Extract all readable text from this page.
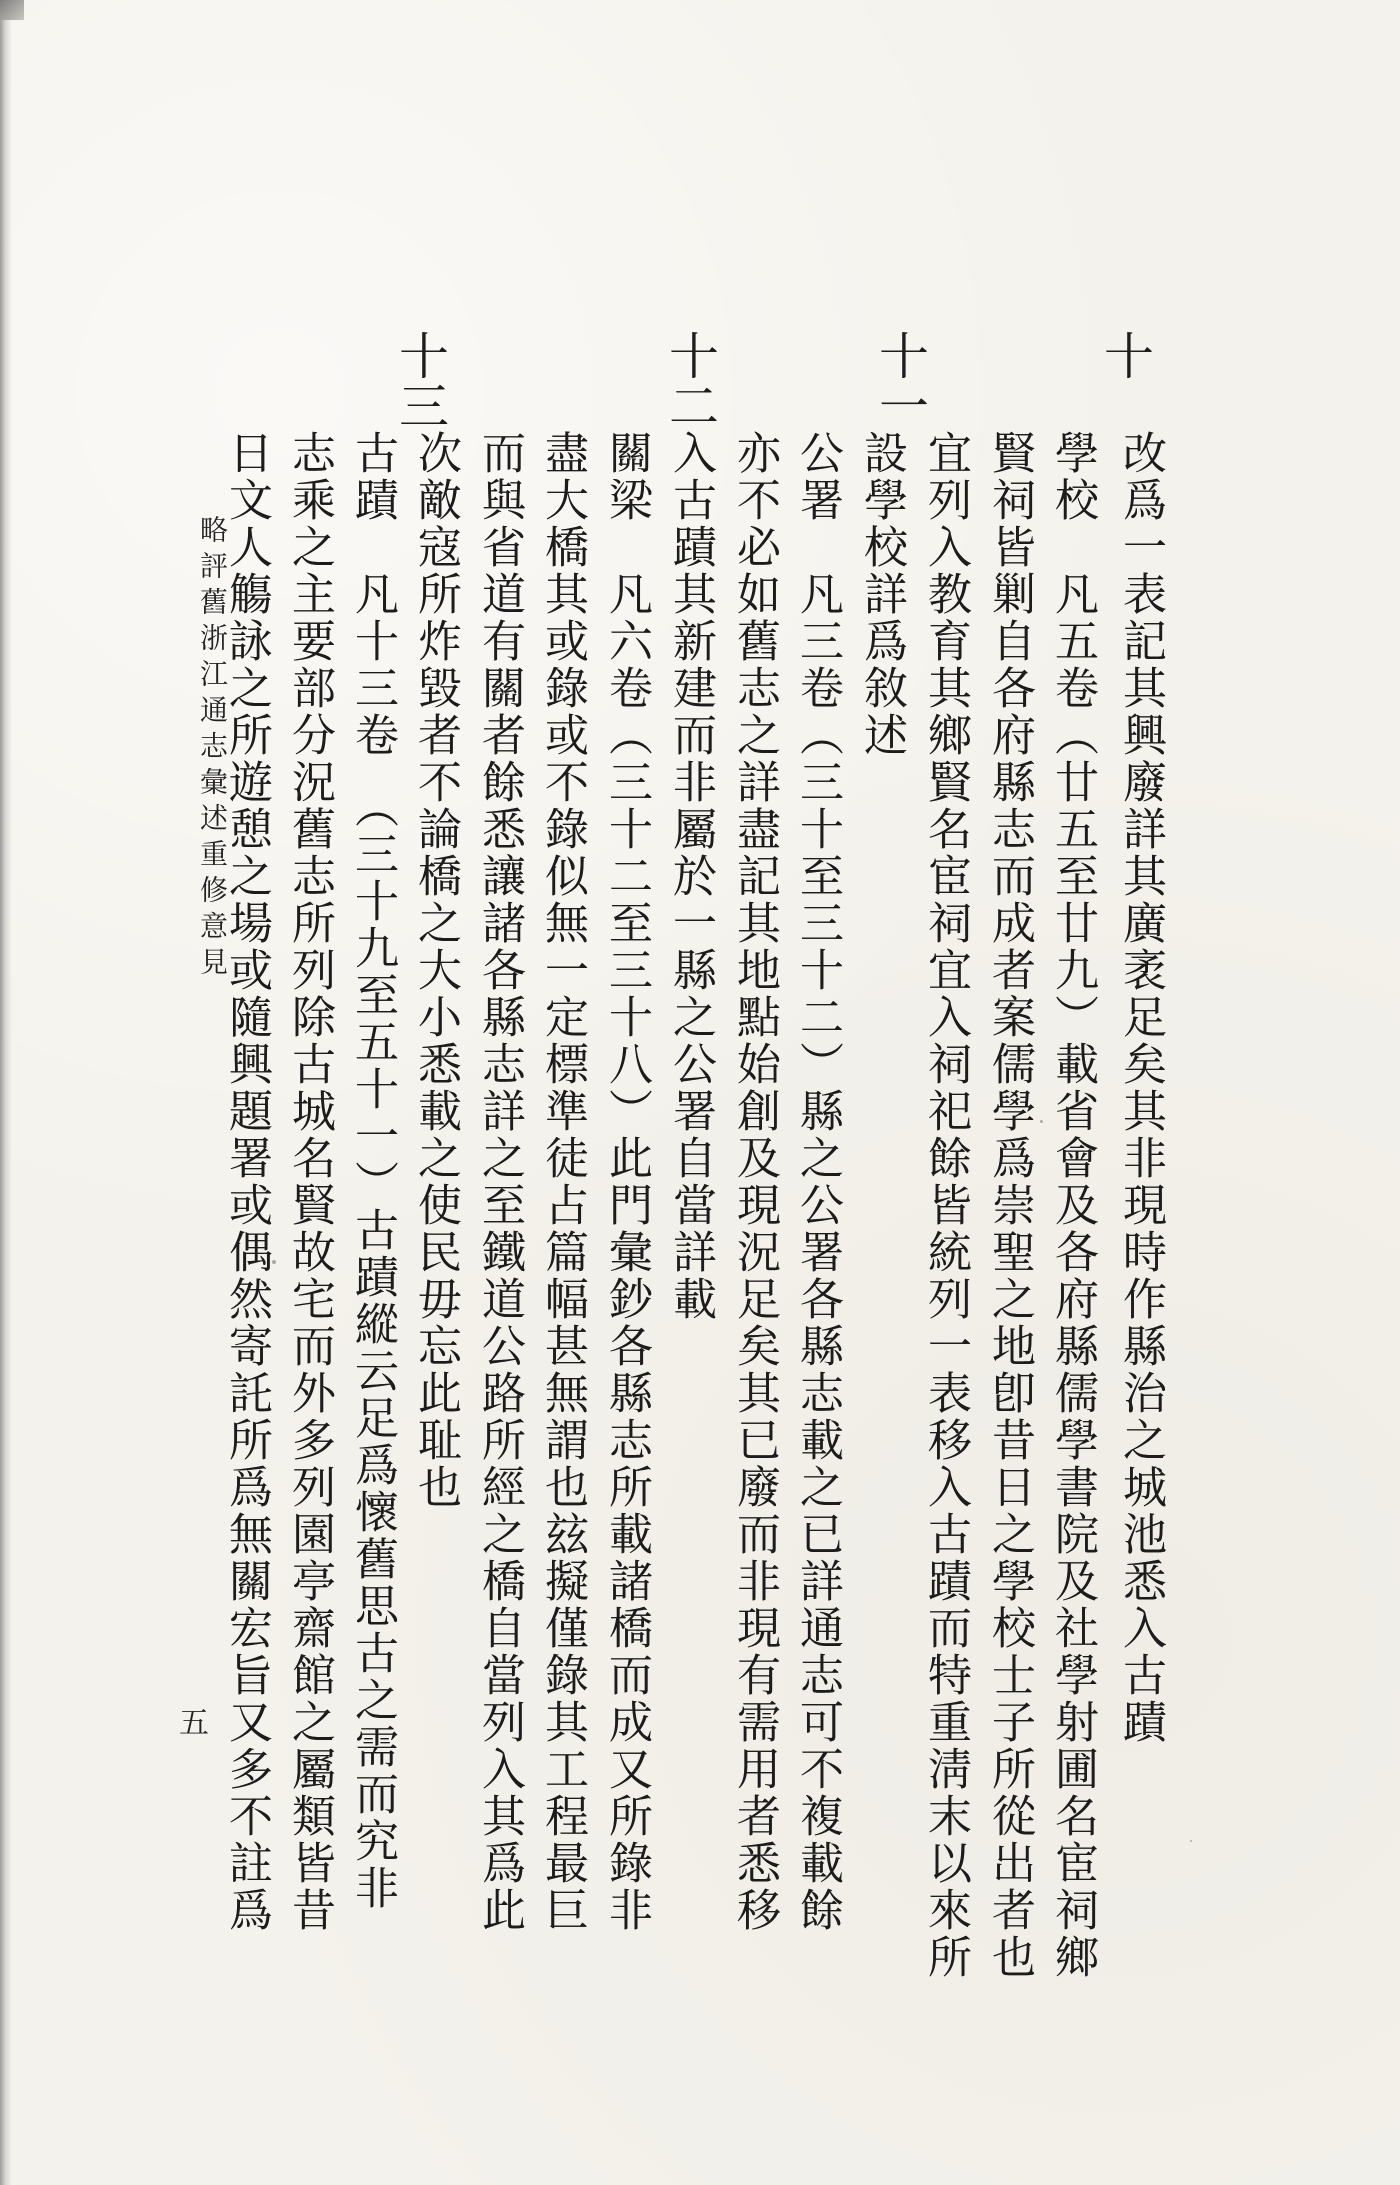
十

十一

十二

十三

改爲一表記其興廢詳其廣袤足矣其非現時作縣治之城池悉入古蹟

學校　凡五卷（廿五至廿九）載省會及各府縣儒學書院及社學射圃名宦祠鄉

賢祠皆剿自各府縣志而成者案儒學爲崇聖之地卽昔日之學校士子所從出者也

宜列入教育其鄉賢名宦祠宜入祠祀餘皆統列一表移入古蹟而特重淸末以來所

設學校詳爲敘述

公署　凡三卷（三十至三十二）縣之公署各縣志載之已詳通志可不複載餘

亦不必如舊志之詳盡記其地點始創及現況足矣其已廢而非現有需用者悉移

入古蹟其新建而非屬於一縣之公署自當詳載

關梁　凡六卷（三十二至三十八）此門彙鈔各縣志所載諸橋而成又所錄非

盡大橋其或錄或不錄似無一定標準徒占篇幅甚無謂也玆擬僅錄其工程最巨

而與省道有關者餘悉讓諸各縣志詳之至鐵道公路所經之橋自當列入其爲此

次敵寇所炸毀者不論橋之大小悉載之使民毋忘此耻也

古蹟　凡十三卷　（三十九至五十一）古蹟縱云足爲懷舊思古之需而究非

志乘之主要部分況舊志所列除古城名賢故宅而外多列園亭齋館之屬類皆昔

日文人觴詠之所遊憩之場或隨興題署或偶然寄託所爲無關宏旨又多不註爲

略評舊浙江通志彙述重修意見

五
